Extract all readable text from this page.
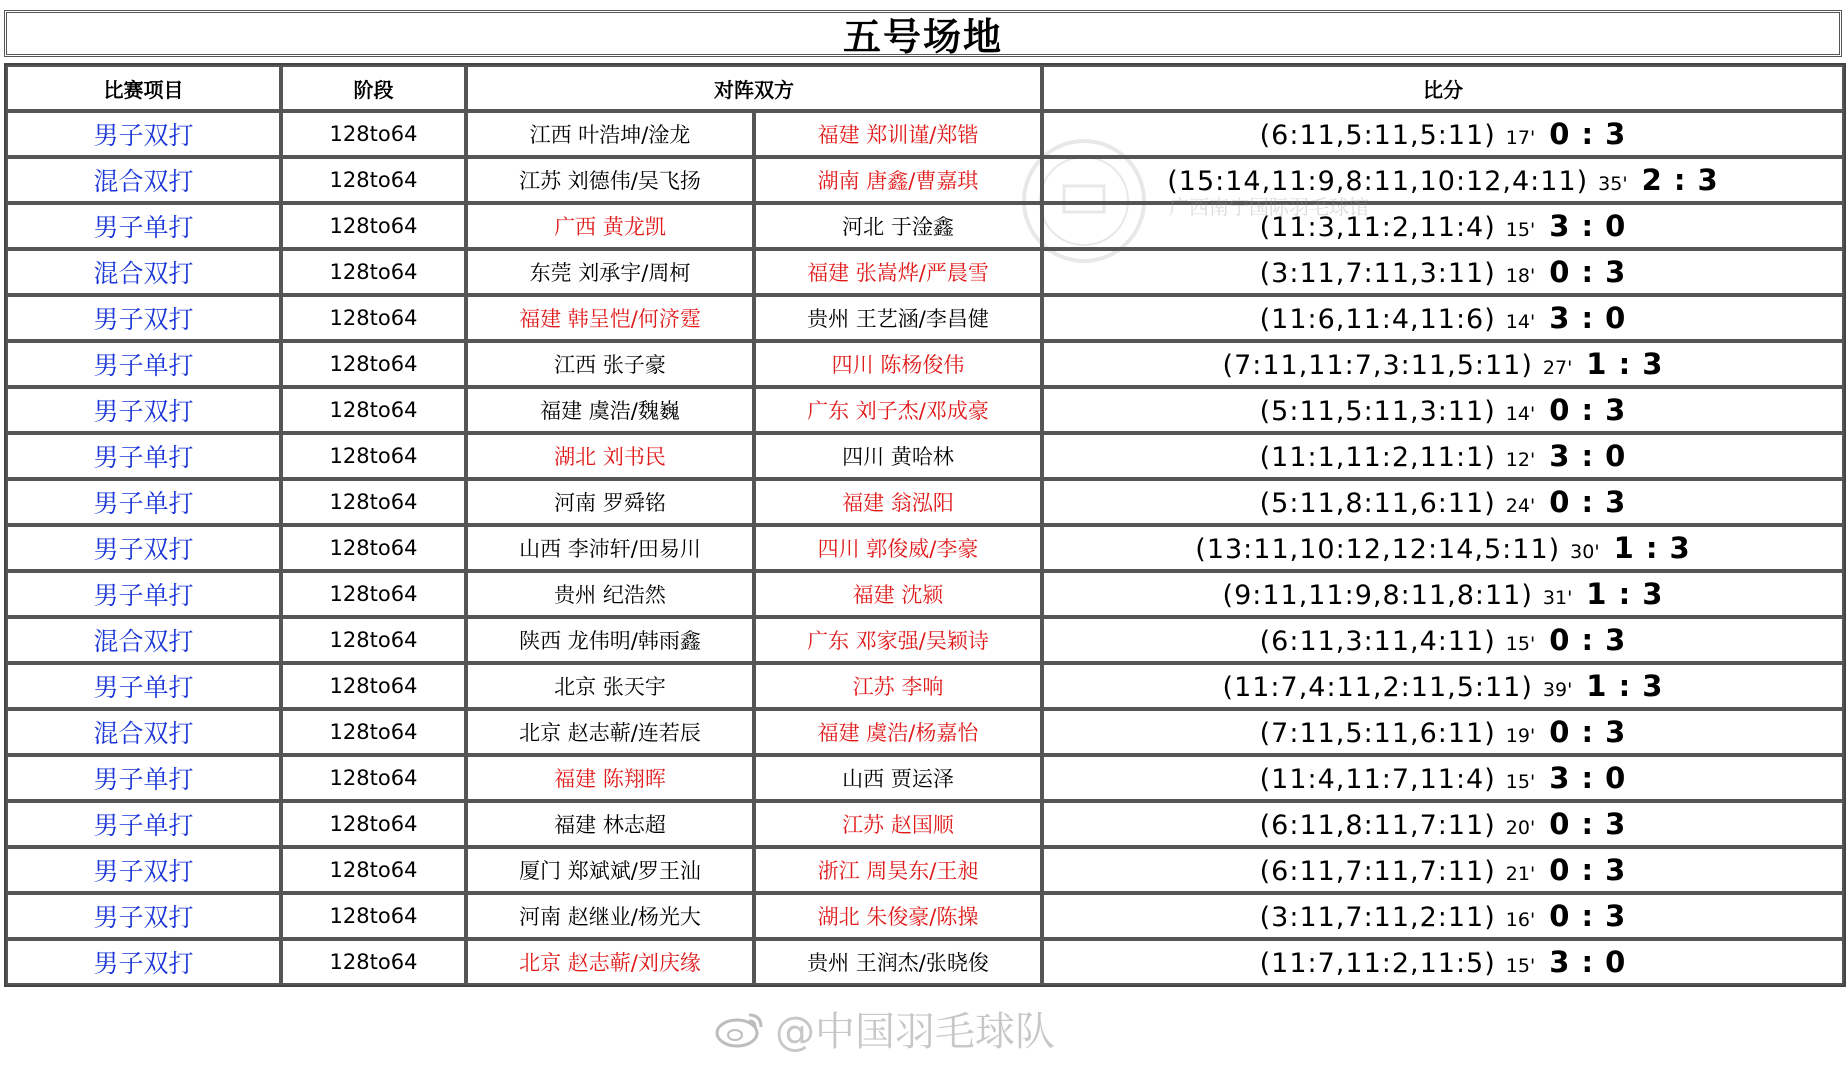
五号场地
比赛项目	阶段	对阵双方		比分
男子双打	128to64	江西 叶浩坤/淦龙	福建 郑训谨/郑锴	(6:11,5:11,5:11) 17' 0 : 3
混合双打	128to64	江苏 刘德伟/吴飞扬	湖南 唐鑫/曹嘉琪	(15:14,11:9,8:11,10:12,4:11) 35' 2 : 3
男子单打	128to64	广西 黄龙凯	河北 于淦鑫	(11:3,11:2,11:4) 15' 3 : 0
混合双打	128to64	东莞 刘承宇/周柯	福建 张嵩烨/严晨雪	(3:11,7:11,3:11) 18' 0 : 3
男子双打	128to64	福建 韩呈恺/何济霆	贵州 王艺涵/李昌健	(11:6,11:4,11:6) 14' 3 : 0
男子单打	128to64	江西 张子豪	四川 陈杨俊伟	(7:11,11:7,3:11,5:11) 27' 1 : 3
男子双打	128to64	福建 虞浩/魏巍	广东 刘子杰/邓成豪	(5:11,5:11,3:11) 14' 0 : 3
男子单打	128to64	湖北 刘书民	四川 黄哈林	(11:1,11:2,11:1) 12' 3 : 0
男子单打	128to64	河南 罗舜铭	福建 翁泓阳	(5:11,8:11,6:11) 24' 0 : 3
男子双打	128to64	山西 李沛轩/田易川	四川 郭俊威/李豪	(13:11,10:12,12:14,5:11) 30' 1 : 3
男子单打	128to64	贵州 纪浩然	福建 沈颍	(9:11,11:9,8:11,8:11) 31' 1 : 3
混合双打	128to64	陕西 龙伟明/韩雨鑫	广东 邓家强/吴颖诗	(6:11,3:11,4:11) 15' 0 : 3
男子单打	128to64	北京 张天宇	江苏 李响	(11:7,4:11,2:11,5:11) 39' 1 : 3
混合双打	128to64	北京 赵志蕲/连若辰	福建 虞浩/杨嘉怡	(7:11,5:11,6:11) 19' 0 : 3
男子单打	128to64	福建 陈翔晖	山西 贾运泽	(11:4,11:7,11:4) 15' 3 : 0
男子单打	128to64	福建 林志超	江苏 赵国顺	(6:11,8:11,7:11) 20' 0 : 3
男子双打	128to64	厦门 郑斌斌/罗王汕	浙江 周昊东/王昶	(6:11,7:11,7:11) 21' 0 : 3
男子双打	128to64	河南 赵继业/杨光大	湖北 朱俊豪/陈操	(3:11,7:11,2:11) 16' 0 : 3
男子双打	128to64	北京 赵志蕲/刘庆缘	贵州 王润杰/张晓俊	(11:7,11:2,11:5) 15' 3 : 0
广西南宁国际羽毛球馆
@中国羽毛球队
